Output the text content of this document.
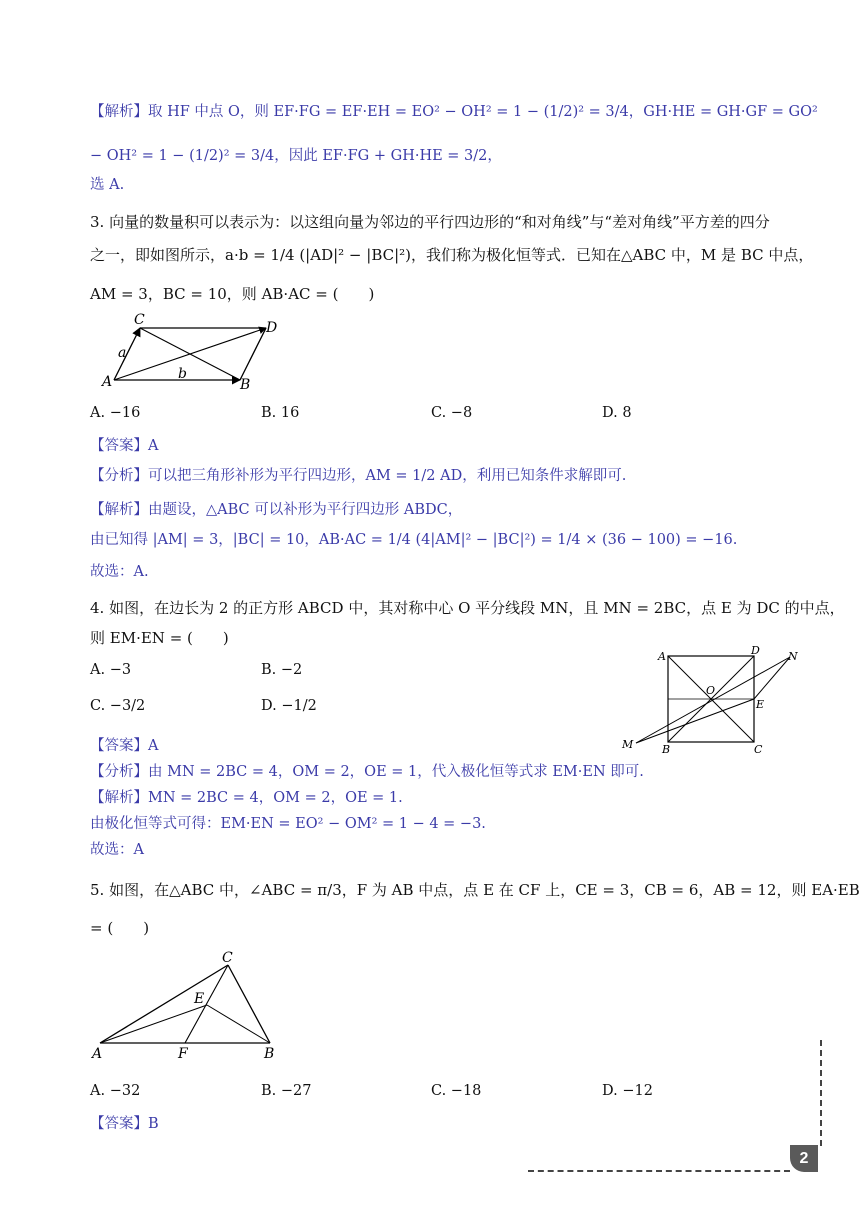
【解析】取 HF 中点 O，则 EF·FG = EF·EH = EO² − OH² = 1 − (1/2)² = 3/4，GH·HE = GH·GF = GO²
− OH² = 1 − (1/2)² = 3/4，因此 EF·FG + GH·HE = 3/2，
选 A.
3. 向量的数量积可以表示为：以这组向量为邻边的平行四边形的“和对角线”与“差对角线”平方差的四分
之一，即如图所示，a·b = 1/4 (|AD|² − |BC|²)，我们称为极化恒等式．已知在△ABC 中，M 是 BC 中点，
AM = 3，BC = 10，则 AB·AC = (　　)
C	D
A	B
a
b
A. −16	B. 16	C. −8	D. 8
【答案】A
【分析】可以把三角形补形为平行四边形，AM = 1/2 AD，利用已知条件求解即可.
【解析】由题设，△ABC 可以补形为平行四边形 ABDC，
由已知得 |AM| = 3，|BC| = 10，AB·AC = 1/4 (4|AM|² − |BC|²) = 1/4 × (36 − 100) = −16.
故选：A.
4. 如图，在边长为 2 的正方形 ABCD 中，其对称中心 O 平分线段 MN，且 MN = 2BC，点 E 为 DC 的中点，
则 EM·EN = (　　)
A. −3	B. −2
C. −3/2	D. −1/2
A	D	N
O
E
M	B	C
【答案】A
【分析】由 MN = 2BC = 4，OM = 2，OE = 1，代入极化恒等式求 EM·EN 即可.
【解析】MN = 2BC = 4，OM = 2，OE = 1.
由极化恒等式可得：EM·EN = EO² − OM² = 1 − 4 = −3.
故选：A
5. 如图，在△ABC 中，∠ABC = π/3，F 为 AB 中点，点 E 在 CF 上，CE = 3，CB = 6，AB = 12，则 EA·EB
= (　　)
C
E
A	F	B
A. −32	B. −27	C. −18	D. −12
【答案】B
2
